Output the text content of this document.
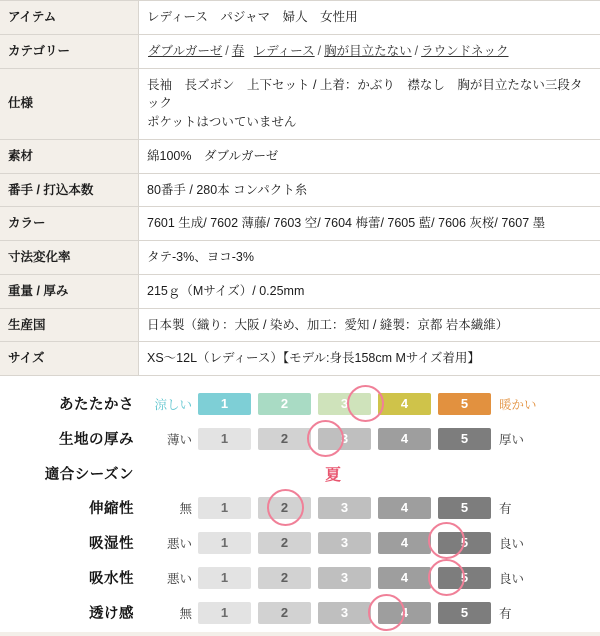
アイテム	レディース　パジャマ　婦人　女性用
カテゴリー	ダブルガーゼ / 春 レディース / 胸が目立たない / ラウンドネック
仕様	長袖　長ズボン　上下セット / 上着：かぶり　襟なし　胸が目立たない三段タック
ポケットはついていません
素材	綿100%　ダブルガーゼ
番手 / 打込本数	80番手 / 280本 コンパクト糸
カラー	7601 生成/ 7602 薄藤/ 7603 空/ 7604 梅蕾/ 7605 藍/ 7606 灰桜/ 7607 墨
寸法変化率	タテ-3%、ヨコ-3%
重量 / 厚み	215ｇ（Mサイズ）/ 0.25mm
生産国	日本製（織り：大阪 / 染め、加工：愛知 / 縫製：京都 岩本繊維）
サイズ	XS〜12L（レディース）【モデル:身長158cm Mサイズ着用】
あたたかさ	涼しい	1	2	3	4	5	暖かい
生地の厚み	薄い	1	2	3	4	5	厚い
適合シーズン	夏
伸縮性	無	1	2	3	4	5	有
吸湿性	悪い	1	2	3	4	5	良い
吸水性	悪い	1	2	3	4	5	良い
透け感	無	1	2	3	4	5	有
